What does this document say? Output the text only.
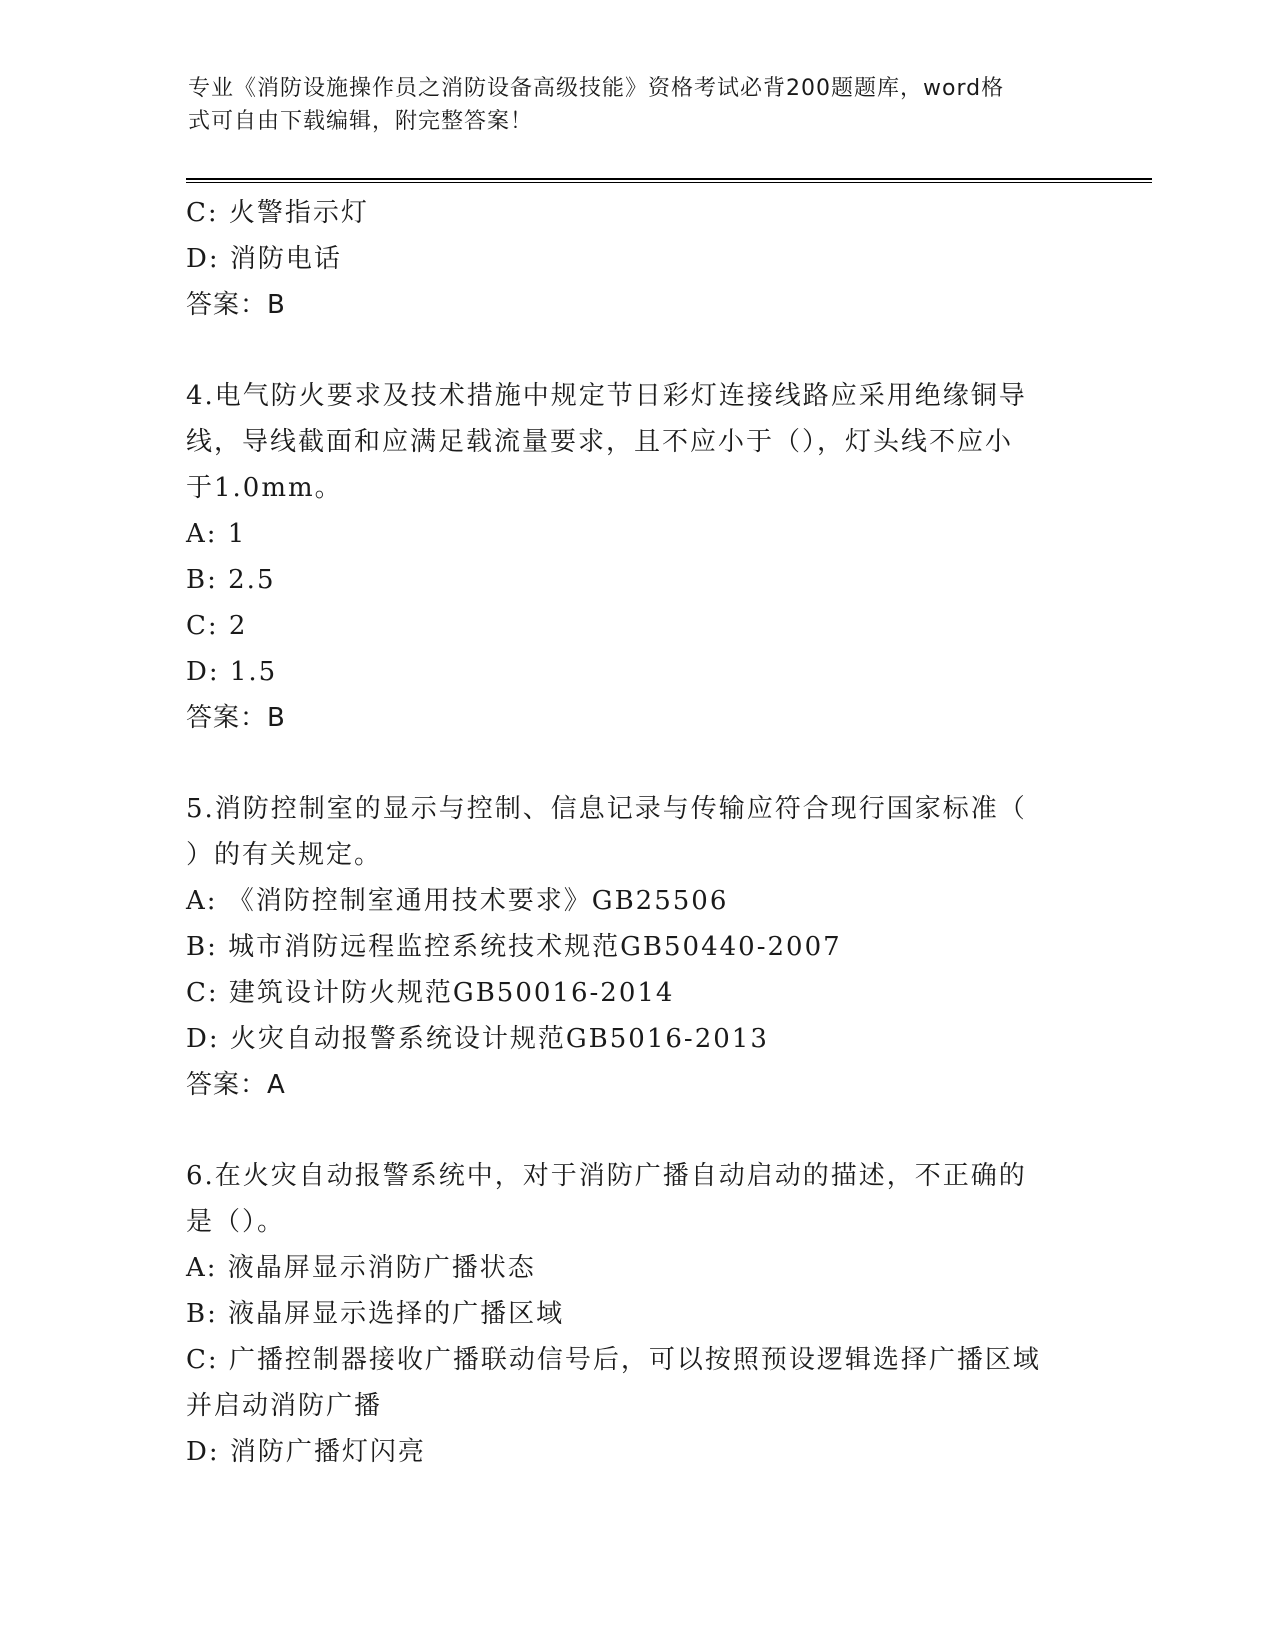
专业《消防设施操作员之消防设备高级技能》资格考试必背200题题库，word格
式可自由下载编辑，附完整答案！
C: 火警指示灯
D: 消防电话
答案：B
4.电气防火要求及技术措施中规定节日彩灯连接线路应采用绝缘铜导
线，导线截面和应满足载流量要求，且不应小于（），灯头线不应小
于1.0mm。
A: 1
B: 2.5
C: 2
D: 1.5
答案：B
5.消防控制室的显示与控制、信息记录与传输应符合现行国家标准（
）的有关规定。
A: 《消防控制室通用技术要求》GB25506
B: 城市消防远程监控系统技术规范GB50440-2007
C: 建筑设计防火规范GB50016-2014
D: 火灾自动报警系统设计规范GB5016-2013
答案：A
6.在火灾自动报警系统中，对于消防广播自动启动的描述，不正确的
是（）。
A: 液晶屏显示消防广播状态
B: 液晶屏显示选择的广播区域
C: 广播控制器接收广播联动信号后，可以按照预设逻辑选择广播区域
并启动消防广播
D: 消防广播灯闪亮
